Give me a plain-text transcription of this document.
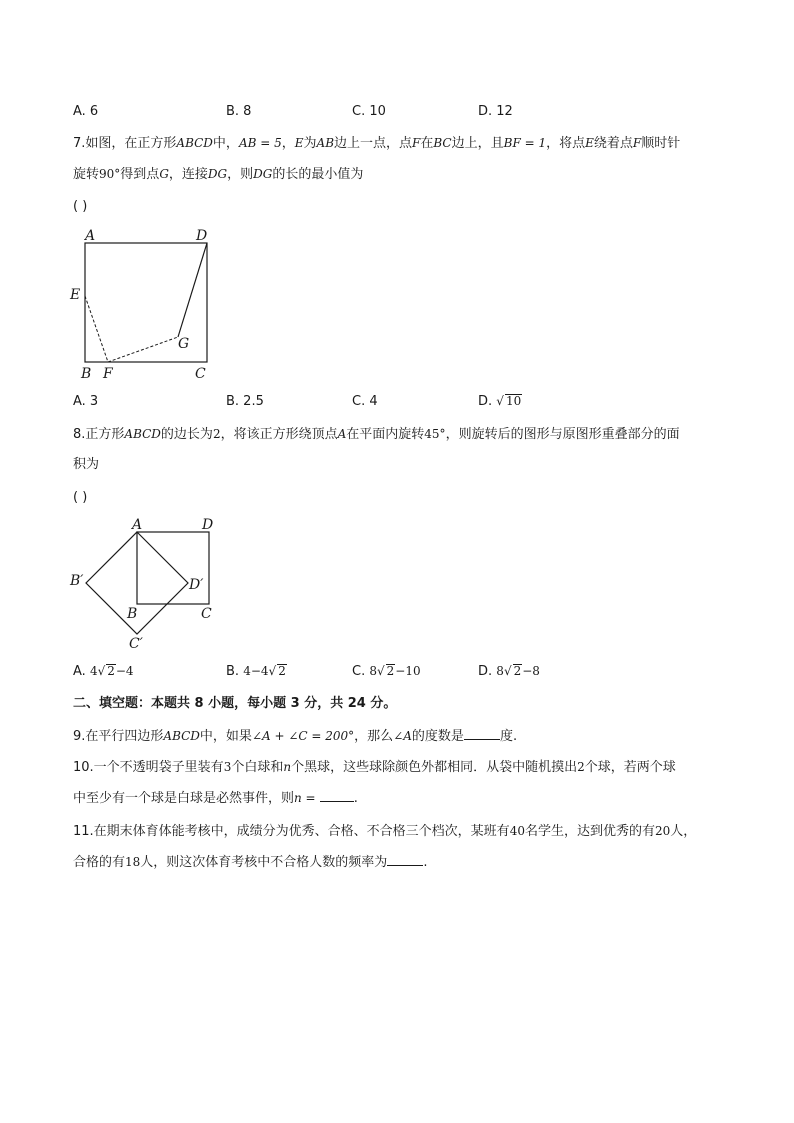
A. 6	B. 8	C. 10	D. 12
7.如图，在正方形ABCD中，AB = 5，E为AB边上一点，点F在BC边上，且BF = 1，将点E绕着点F顺时针
旋转90°得到点G，连接DG，则DG的长的最小值为
( )
A	D
E
G
B F	C
A. 3	B. 2.5	C. 4	D. √ 10
8.正方形ABCD的边长为2，将该正方形绕顶点A在平面内旋转45°，则旋转后的图形与原图形重叠部分的面
积为
( )
A	D
B′	D′
B	C
C′
A. 4√ 2−4	B. 4−4√ 2	C. 8√ 2−10	D. 8√ 2−8
二、填空题：本题共 8 小题，每小题 3 分，共 24 分。
9.在平行四边形ABCD中，如果∠A + ∠C = 200°，那么∠A的度数是	度.
10.一个不透明袋子里装有3个白球和n个黑球，这些球除颜色外都相同．从袋中随机摸出2个球，若两个球
中至少有一个球是白球是必然事件，则n =	.
11.在期末体育体能考核中，成绩分为优秀、合格、不合格三个档次，某班有40名学生，达到优秀的有20人，
合格的有18人，则这次体育考核中不合格人数的频率为	.
